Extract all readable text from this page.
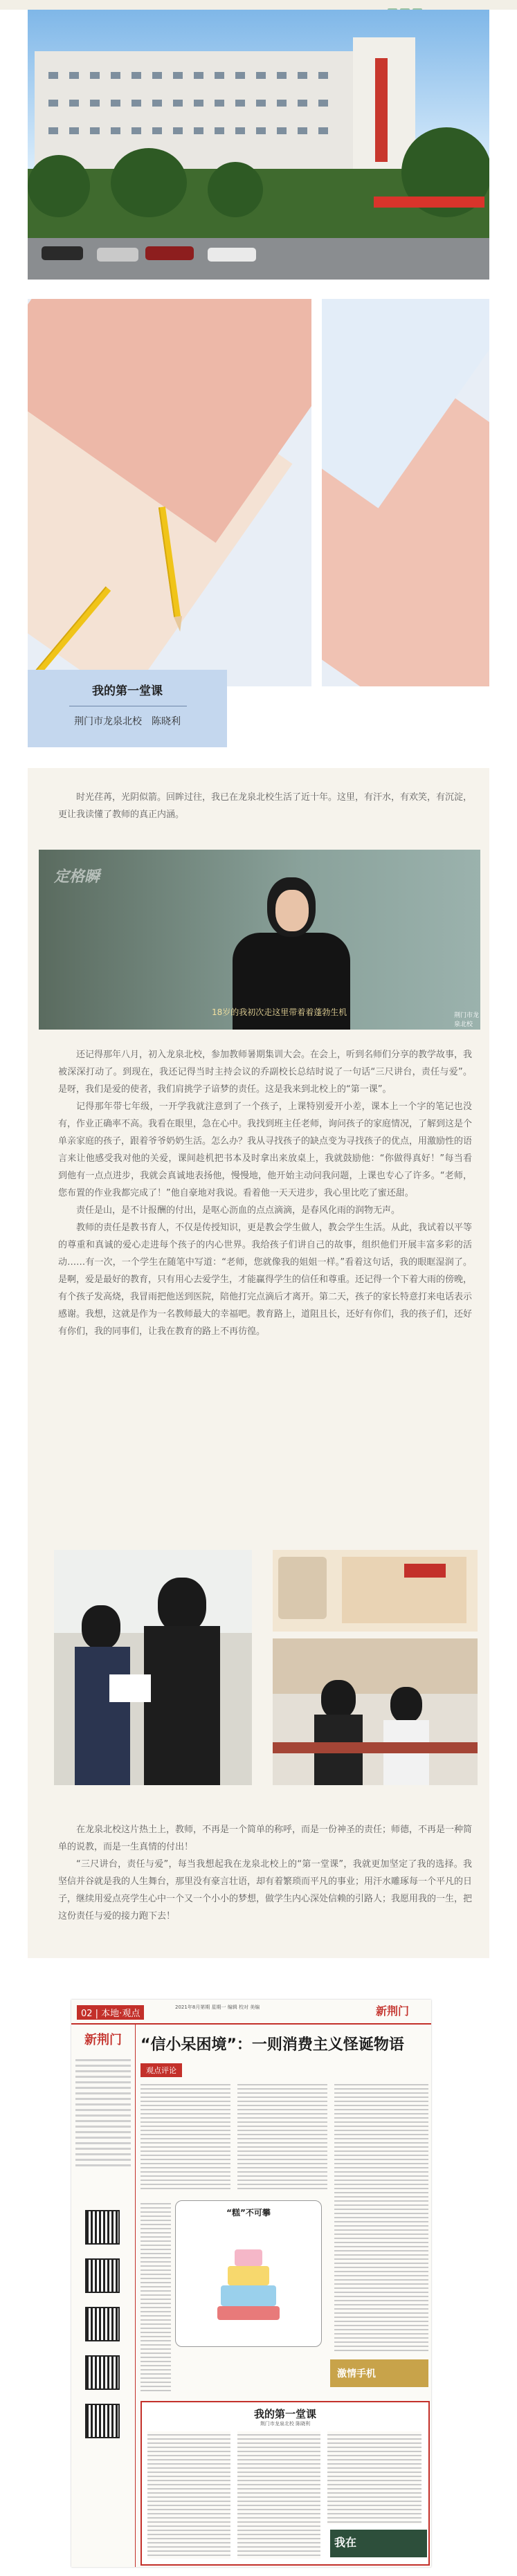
我的第一堂课
荆门市龙泉北校　陈晓利

时光荏苒，光阴似箭。回眸过往，我已在龙泉北校生活了近十年。这里，有汗水，有欢笑，有沉淀，更让我读懂了教师的真正内涵。

定格瞬
18岁的我初次走这里带着着蓬勃生机	荆门市龙泉北校

还记得那年八月，初入龙泉北校，参加教师暑期集训大会。在会上，听到名师们分享的教学故事，我被深深打动了。到现在，我还记得当时主持会议的乔副校长总结时说了一句话“三尺讲台，责任与爱”。是呀，我们是爱的使者，我们肩挑学子谙梦的责任。这是我来到北校上的“第一课”。

记得那年带七年级，一开学我就注意到了一个孩子，上课特别爱开小差，课本上一个字的笔记也没有，作业正确率不高。我看在眼里，急在心中。我找到班主任老师，询问孩子的家庭情况，了解到这是个单亲家庭的孩子，跟着爷爷奶奶生活。怎么办？我从寻找孩子的缺点变为寻找孩子的优点，用激励性的语言来让他感受我对他的关爱，课间趁机把书本及时拿出来放桌上，我就鼓励他：“你做得真好！”每当看到他有一点点进步，我就会真诚地表扬他，慢慢地，他开始主动问我问题，上课也专心了许多。“老师，您布置的作业我都完成了！”他自豪地对我说。看着他一天天进步，我心里比吃了蜜还甜。

责任是山，是不计报酬的付出，是呕心沥血的点点滴滴，是春风化雨的润物无声。

教师的责任是教书育人，不仅是传授知识，更是教会学生做人，教会学生生活。从此，我试着以平等的尊重和真诚的爱心走进每个孩子的内心世界。我给孩子们讲自己的故事，组织他们开展丰富多彩的活动……有一次，一个学生在随笔中写道：“老师，您就像我的姐姐一样。”看着这句话，我的眼眶湿润了。是啊，爱是最好的教育，只有用心去爱学生，才能赢得学生的信任和尊重。还记得一个下着大雨的傍晚，有个孩子发高烧，我冒雨把他送到医院，陪他打完点滴后才离开。第二天，孩子的家长特意打来电话表示感谢。我想，这就是作为一名教师最大的幸福吧。教育路上，道阻且长，还好有你们，我的孩子们，还好有你们，我的同事们，让我在教育的路上不再彷徨。

在龙泉北校这片热土上，教师，不再是一个简单的称呼，而是一份神圣的责任；师德，不再是一种简单的说教，而是一生真情的付出！

“三尺讲台，责任与爱”，每当我想起我在龙泉北校上的“第一堂课”，我就更加坚定了我的选择。我坚信并谷就是我的人生舞台，那里没有豪言壮语，却有着繁琐而平凡的事业；用汗水雕琢每一个平凡的日子，继续用爱点亮学生心中一个又一个小小的梦想，做学生内心深处信赖的引路人；我愿用我的一生，把这份责任与爱的接力跑下去！

02 | 本地·观点
2021年8月第期 星期一 编辑 校对 美编	新荆门
新荆门	“信小呆困境”：一则消费主义怪诞物语
观点评论
“糕”不可攀
激情手机
我的第一堂课
荆门市龙泉北校 陈晓利
我在
